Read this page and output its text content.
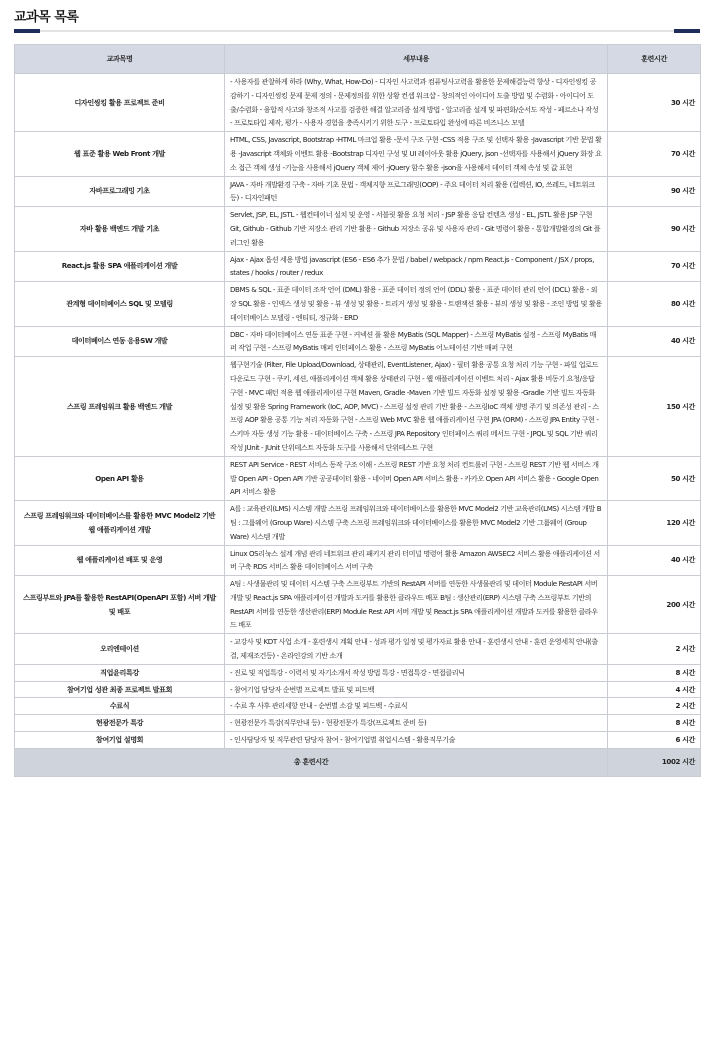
교과목 목록
교과목명	세부내용	훈련시간
디자인씽킹 활용 프로젝트 준비	- 사용자를 관찰하게 하라 (Why, What, How-Do) - 디자인 사고력과 컴퓨팅사고력을 활용한 문제해결능력 향상 - 디자인씽킹 공감하기 - 디자인씽킹 문제 문제 정의 - 문제정의를 위한 상황 컨셉 워크샵 - 창의적인 아이디어 도출 방법 및 수렴화 - 아이디어 도출/수렴화 - 융합적 사고와 창조적 사고를 검증한 해결 알고리즘 설계 방법 - 알고리즘 설계 및 파편화/순서도 작성 - 페르소나 작성 - 프로토타입 제작, 평가 - 사용자 경험을 충족시키기 위한 도구 - 프로토타입 완성에 따른 비즈니스 모델	30 시간
웹 표준 활용 Web Front 개발	HTML, CSS, Javascript, Bootstrap -HTML 마크업 활용 -문서 구조 구현 -CSS 적용 구조 및 선택자 활용 -Javascript 기반 문법 활용 -Javascript 객체와 이벤트 활용 -Bootstrap 디자인 구성 및 UI 레이아웃 활용 jQuery, json -선택자를 사용해서 jQuery 화장 요소 접근 객체 생성 -기능을 사용해서 jQuery 객체 제어 -jQuery 함수 활용 -json을 사용해서 데이터 객체 속성 및 값 표현	70 시간
자바프로그래밍 기초	JAVA - 자바 개발환경 구축 - 자바 기초 문법 - 객체지향 프로그래밍(OOP) - 주요 데이터 처리 활용 (컬렉션, IO, 쓰레드, 네트워크 등) - 디자인패턴	90 시간
자바 활용 백엔드 개발 기초	Servlet, JSP, EL, JSTL - 웹컨테이너 설치 및 운영 - 서블릿 활용 요청 처리 - JSP 활용 응답 컨텐츠 생성 - EL, JSTL 활용 JSP 구현 Git, Github - Github 기반 저장소 관리 기반 활용 - Github 저장소 공유 및 사용자 관리 - Git 명령어 활용 - 통합개발환경의 Git 플러그인 활용	90 시간
React.js 활용 SPA 애플리케이션 개발	Ajax - Ajax 옵션 세용 방법 javascript (ES6 - ES6 추가 문법 / babel / webpack / npm React.js - Component / JSX / props, states / hooks / router / redux	70 시간
관계형 데이터베이스 SQL 및 모델링	DBMS & SQL - 표준 데이터 조작 언어 (DML) 활용 - 표준 데이터 정의 언어 (DDL) 활용 - 표준 데이터 관리 언어 (DCL) 활용 - 외장 SQL 활용 - 인덱스 생성 및 활용 - 뷰 생성 및 활용 - 트리거 생성 및 활용 - 트랜잭션 활용 - 뷰의 생성 및 활용 - 조인 방법 및 활용 데이터베이스 모델링 - 엔티티, 정규화 - ERD	80 시간
데이터베이스 연동 응용SW 개발	DBC - 자바 데이터베이스 연동 표준 구현 - 커넥션 풀 활용 MyBatis (SQL Mapper) - 스프링 MyBatis 설정 - 스프링 MyBatis 매퍼 작업 구현 - 스프링 MyBatis 매퍼 인터페이스 활용 - 스프링 MyBatis 어노테이션 기반 매퍼 구현	40 시간
스프링 프레임워크 활용 백엔드 개발	웹구현기술 (Filter, File Upload/Download, 상태관리, EventListener, Ajax) - 필터 활용 공통 요청 처리 기능 구현 - 파일 업로드 다운로드 구현 - 쿠키, 세션, 애플리케이션 객체 활용 상태관리 구현 - 웹 애플리케이션 이벤트 처리 - Ajax 활용 비동기 요청/응답 구현 - MVC 패턴 적용 웹 애플리케이션 구현 Maven, Gradle -Maven 기반 빌드 자동화 설정 및 활용 -Gradle 기반 빌드 자동화 설정 및 활용 Spring Framework (IoC, AOP, MVC) - 스프링 설정 관리 기반 활용 - 스프링IoC 객체 생명 주기 및 의존성 관리 - 스프링 AOP 활용 공통 기능 처리 자동화 구현 - 스프링 Web MVC 활용 웹 애플리케이션 구현 JPA (ORM) - 스프링 JPA Entity 구현 - 스키마 자동 생성 기능 활용 - 데이터베이스 구축 - 스프링 JPA Repository 인터페이스 쿼리 메서드 구현 - JPQL 및 SQL 기반 쿼리 작성 JUnit - JUnit 단위테스트 자동화 도구를 사용해서 단위테스트 구현	150 시간
Open API 활용	REST API Service - REST 서비스 동작 구조 이해 - 스프링 REST 기반 요청 처리 컨트롤러 구현 - 스프링 REST 기반 웹 서비스 개발 Open API - Open API 기반 공공데이터 활용 - 네이버 Open API 서비스 활용 - 카카오 Open API 서비스 활용 - Google Open API 서비스 활용	50 시간
스프링 프레임워크와 데이터베이스를 활용한 MVC Model2 기반 웹 애플리케이션 개발	A를 : 교육관리(LMS) 시스템 개발 스프링 프레임워크와 데이터베이스를 활용한 MVC Model2 기반 교육관리(LMS) 시스템 개발 B팀 : 그룹웨어 (Group Ware) 시스템 구축 스프링 프레임워크와 데이터베이스를 활용한 MVC Model2 기반 그룹웨어 (Group Ware) 시스템 개발	120 시간
웹 애플리케이션 배포 및 운영	Linux OS리눅스 설계 개념 관리 네트워크 관리 패키지 관리 터미널 명령어 활용 Amazon AWSEC2 서비스 활용 애플리케이션 서버 구축 RDS 서비스 활용 데이터베이스 서버 구축	40 시간
스프링부트와 JPA를 활용한 RestAPI(OpenAPI 포함) 서버 개발 및 배포	A팀 : 사생물관리 및 데이터 시스템 구축 스프링부트 기반의 RestAPI 서버를 연동한 사생물관리 및 데이터 Module RestAPI 서버 개발 및 React.js SPA 애플리케이션 개발과 도커를 활용한 클라우드 배포 B팀 : 생산관리(ERP) 시스템 구축 스프링부트 기반의 RestAPI 서버를 연동한 생산관리(ERP) Module Rest API 서버 개발 및 React.js SPA 애플리케이션 개발과 도커를 활용한 클라우드 배포	200 시간
오리엔테이션	- 교강사 및 KDT 사업 소개 - 훈련생시 계획 안내 - 성과 평가 일정 및 평가자료 활용 안내 - 훈련생시 안내 - 훈련 운영세칙 안내(출결, 제재조건등) - 온라인강의 기반 소개	2 시간
직업윤리특강	- 진로 및 직업특강 - 이력서 및 자기소개서 작성 방법 특강 - 면접특강 - 면접클리닉	8 시간
참여기업 성관 최종 프로젝트 발표회	- 참여기업 담당자 순번별 프로젝트 발표 및 피드백	4 시간
수료식	- 수료 후 사후 관리세항 안내 - 순번별 소감 및 피드백 - 수료식	2 시간
현광전문가 특강	- 현광전문가 특강(직무안내 등) - 현광전문가 특강(프로젝트 준비 등)	8 시간
참여기업 설명회	- 인사담당자 및 직무관련 담당자 참여 - 참여기업별 취업시스템 - 활용직무기술	6 시간
총 훈련시간		1002 시간
